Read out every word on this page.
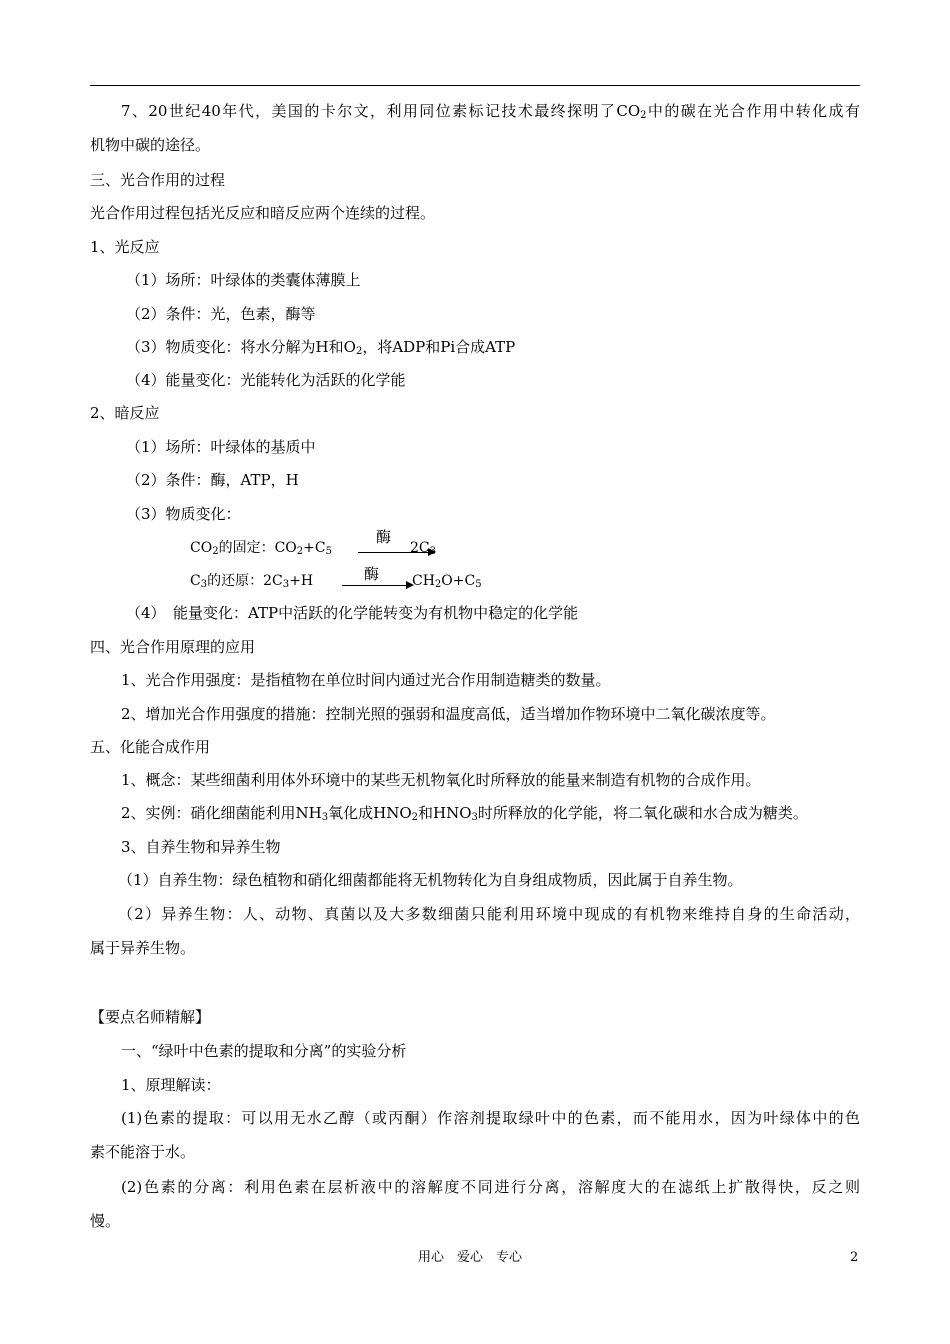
7、20世纪40年代，美国的卡尔文，利用同位素标记技术最终探明了$CO_2$中的碳在光合作用中转化成有
机物中碳的途径。
三、光合作用的过程
光合作用过程包括光反应和暗反应两个连续的过程。
1、光反应
（1）场所：叶绿体的类囊体薄膜上
（2）条件：光，色素，酶等
（3）物质变化：将水分解为H和$O_2$，将ADP和Pi合成ATP
（4）能量变化：光能转化为活跃的化学能
2、暗反应
（1）场所：叶绿体的基质中
（2）条件：酶，ATP，H
（3）物质变化：
$CO_2$的固定：$CO_2+C_5$
酶
$2C_3$
$C_3$的还原：$2C_3+H$	酶 $CH_2O+C_5$
（4）　能量变化：ATP中活跃的化学能转变为有机物中稳定的化学能
四、光合作用原理的应用
1、光合作用强度：是指植物在单位时间内通过光合作用制造糖类的数量。
2、增加光合作用强度的措施：控制光照的强弱和温度高低，适当增加作物环境中二氧化碳浓度等。
五、化能合成作用
1、概念：某些细菌利用体外环境中的某些无机物氧化时所释放的能量来制造有机物的合成作用。
2、实例：硝化细菌能利用$NH_3$氧化成$HNO_2$和$HNO_3$时所释放的化学能，将二氧化碳和水合成为糖类。
3、自养生物和异养生物
（1）自养生物：绿色植物和硝化细菌都能将无机物转化为自身组成物质，因此属于自养生物。
（2）异养生物：人、动物、真菌以及大多数细菌只能利用环境中现成的有机物来维持自身的生命活动，
属于异养生物。
【要点名师精解】
一、“绿叶中色素的提取和分离”的实验分析
1、原理解读：
(1)色素的提取：可以用无水乙醇（或丙酮）作溶剂提取绿叶中的色素，而不能用水，因为叶绿体中的色
素不能溶于水。
(2)色素的分离：利用色素在层析液中的溶解度不同进行分离，溶解度大的在滤纸上扩散得快，反之则
慢。
用心　爱心　专心	2
